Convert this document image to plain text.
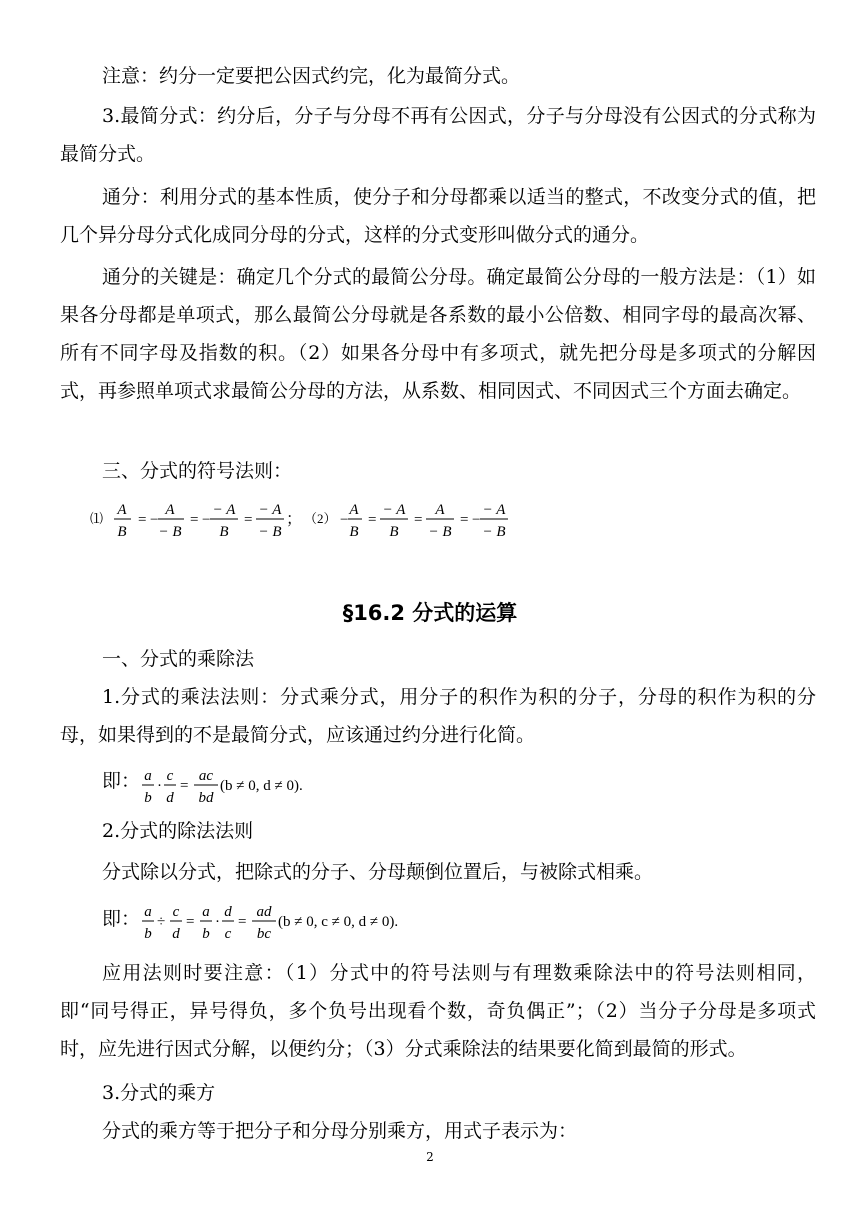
注意：约分一定要把公因式约完，化为最简分式。

3.最简分式：约分后，分子与分母不再有公因式，分子与分母没有公因式的分式称为最简分式。

通分：利用分式的基本性质，使分子和分母都乘以适当的整式，不改变分式的值，把几个异分母分式化成同分母的分式，这样的分式变形叫做分式的通分。

通分的关键是：确定几个分式的最简公分母。确定最简公分母的一般方法是：（1）如果各分母都是单项式，那么最简公分母就是各系数的最小公倍数、相同字母的最高次幂、所有不同字母及指数的积。（2）如果各分母中有多项式，就先把分母是多项式的分解因式，再参照单项式求最简公分母的方法，从系数、相同因式、不同因式三个方面去确定。

三、分式的符号法则：

⑴
A
B
= −
A
− B
= −
− A
B
=
− A
− B
； （2） −
A
B
=
− A
B
=
A
− B
= −
− A
− B
§16.2 分式的运算

一、分式的乘除法

1.分式的乘法法则：分式乘分式，用分子的积作为积的分子，分母的积作为积的分母，如果得到的不是最简分式，应该通过约分进行化简。

即： a
b
·
c
d
=
ac
bd
(b ≠ 0, d ≠ 0).

2.分式的除法法则

分式除以分式，把除式的分子、分母颠倒位置后，与被除式相乘。

即： a
b
÷
c
d
=
a
b
·
d
c
=
ad
bc
(b ≠ 0, c ≠ 0, d ≠ 0).

应用法则时要注意：（1）分式中的符号法则与有理数乘除法中的符号法则相同，即“同号得正，异号得负，多个负号出现看个数，奇负偶正”；（2）当分子分母是多项式时，应先进行因式分解，以便约分；（3）分式乘除法的结果要化简到最简的形式。

3.分式的乘方

分式的乘方等于把分子和分母分别乘方，用式子表示为：

2
